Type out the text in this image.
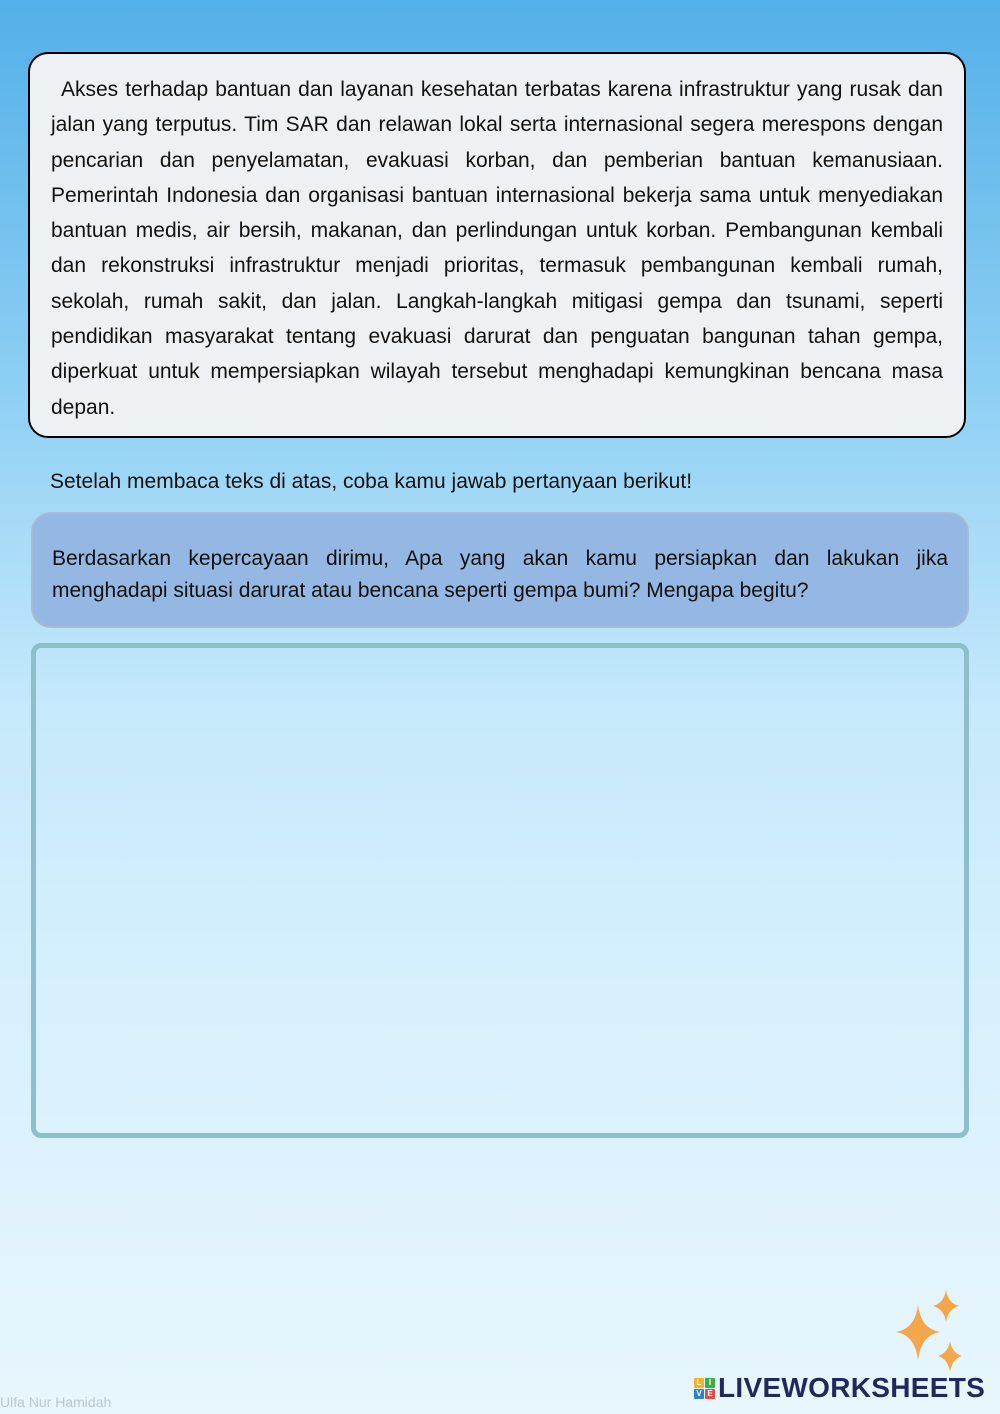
Akses terhadap bantuan dan layanan kesehatan terbatas karena infrastruktur yang rusak dan jalan yang terputus. Tim SAR dan relawan lokal serta internasional segera merespons dengan pencarian dan penyelamatan, evakuasi korban, dan pemberian bantuan kemanusiaan. Pemerintah Indonesia dan organisasi bantuan internasional bekerja sama untuk menyediakan bantuan medis, air bersih, makanan, dan perlindungan untuk korban. Pembangunan kembali dan rekonstruksi infrastruktur menjadi prioritas, termasuk pembangunan kembali rumah, sekolah, rumah sakit, dan jalan. Langkah-langkah mitigasi gempa dan tsunami, seperti pendidikan masyarakat tentang evakuasi darurat dan penguatan bangunan tahan gempa, diperkuat untuk mempersiapkan wilayah tersebut menghadapi kemungkinan bencana masa depan.

Setelah membaca teks di atas, coba kamu jawab pertanyaan berikut!

Berdasarkan kepercayaan dirimu, Apa yang akan kamu persiapkan dan lakukan jika menghadapi situasi darurat atau bencana seperti gempa bumi? Mengapa begitu?

Ulfa Nur Hamidah
L I
V E LIVEWORKSHEETS
